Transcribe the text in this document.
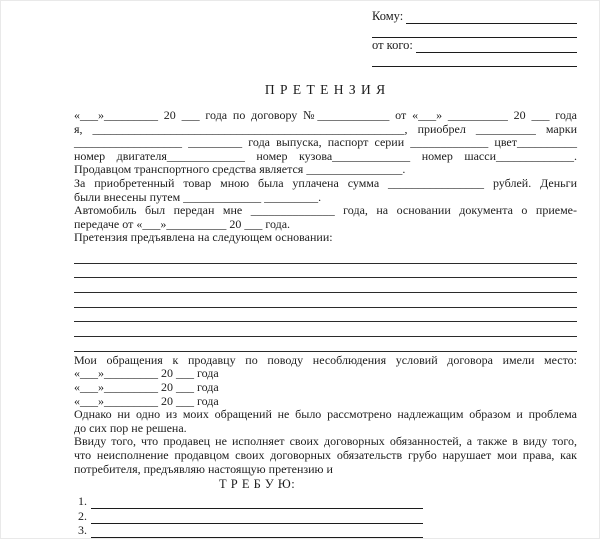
Кому:
от кого:
П Р Е Т Е Н З И Я
«___»_________ 20 ___ года по договору №____________ от «___» __________ 20 ___ года
я, ____________________________________________________, приобрел __________ марки
__________________ _________ года выпуска, паспорт серии _____________ цвет__________
номер двигателя_____________ номер кузова_____________ номер шасси_____________.
Продавцом транспортного средства является ________________.
За приобретенный товар мною была уплачена сумма ________________ рублей. Деньги
были внесены путем _____________ _________.
Автомобиль был передан мне ______________ года, на основании документа о приеме-
передаче от «___»__________ 20 ___ года.
Претензия предъявлена на следующем основании:
Мои обращения к продавцу по поводу несоблюдения условий договора имели место:
«___»_________ 20 ___ года
«___»_________ 20 ___ года
«___»_________ 20 ___ года
Однако ни одно из моих обращений не было рассмотрено надлежащим образом и проблема
до сих пор не решена.
Ввиду того, что продавец не исполняет своих договорных обязанностей, а также в виду того,
что неисполнение продавцом своих договорных обязательств грубо нарушает мои права, как
потребителя, предъявляю настоящую претензию и
Т Р Е Б У Ю:
1.
2.
3.
